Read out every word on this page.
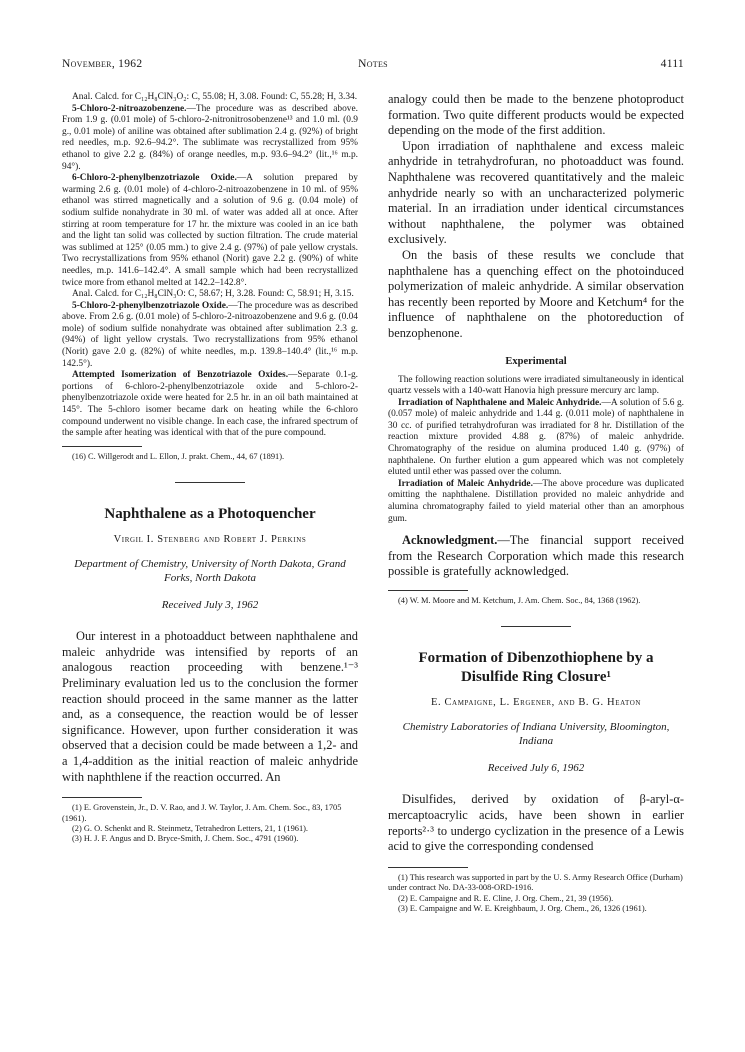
November, 1962	Notes	4111

Anal. Calcd. for C₁₂H₈ClN₃O₂: C, 55.08; H, 3.08. Found: C, 55.28; H, 3.34.

5-Chloro-2-nitroazobenzene.—The procedure was as described above. From 1.9 g. (0.01 mole) of 5-chloro-2-nitronitrosobenzene¹³ and 1.0 ml. (0.9 g., 0.01 mole) of aniline was obtained after sublimation 2.4 g. (92%) of bright red needles, m.p. 92.6–94.2°. The sublimate was recrystallized from 95% ethanol to give 2.2 g. (84%) of orange needles, m.p. 93.6–94.2° (lit.,¹⁶ m.p. 94°).

6-Chloro-2-phenylbenzotriazole Oxide.—A solution prepared by warming 2.6 g. (0.01 mole) of 4-chloro-2-nitroazobenzene in 10 ml. of 95% ethanol was stirred magnetically and a solution of 9.6 g. (0.04 mole) of sodium sulfide nonahydrate in 30 ml. of water was added all at once. After stirring at room temperature for 17 hr. the mixture was cooled in an ice bath and the light tan solid was collected by suction filtration. The crude material was sublimed at 125° (0.05 mm.) to give 2.4 g. (97%) of pale yellow crystals. Two recrystallizations from 95% ethanol (Norit) gave 2.2 g. (90%) of white needles, m.p. 141.6–142.4°. A small sample which had been recrystallized twice more from ethanol melted at 142.2–142.8°.

Anal. Calcd. for C₁₂H₈ClN₃O: C, 58.67; H, 3.28. Found: C, 58.91; H, 3.15.

5-Chloro-2-phenylbenzotriazole Oxide.—The procedure was as described above. From 2.6 g. (0.01 mole) of 5-chloro-2-nitroazobenzene and 9.6 g. (0.04 mole) of sodium sulfide nonahydrate was obtained after sublimation 2.3 g. (94%) of light yellow crystals. Two recrystallizations from 95% ethanol (Norit) gave 2.0 g. (82%) of white needles, m.p. 139.8–140.4° (lit.,¹⁶ m.p. 142.5°).

Attempted Isomerization of Benzotriazole Oxides.—Separate 0.1-g. portions of 6-chloro-2-phenylbenzotriazole oxide and 5-chloro-2-phenylbenzotriazole oxide were heated for 2.5 hr. in an oil bath maintained at 145°. The 5-chloro isomer became dark on heating while the 6-chloro compound underwent no visible change. In each case, the infrared spectrum of the sample after heating was identical with that of the pure compound.

(16) C. Willgerodt and L. Ellon, J. prakt. Chem., 44, 67 (1891).

Naphthalene as a Photoquencher
Virgil I. Stenberg and Robert J. Perkins
Department of Chemistry, University of North Dakota, Grand Forks, North Dakota
Received July 3, 1962

Our interest in a photoadduct between naphthalene and maleic anhydride was intensified by reports of an analogous reaction proceeding with benzene.¹⁻³ Preliminary evaluation led us to the conclusion the former reaction should proceed in the same manner as the latter and, as a consequence, the reaction would be of lesser significance. However, upon further consideration it was observed that a decision could be made between a 1,2- and a 1,4-addition as the initial reaction of maleic anhydride with naphthlene if the reaction occurred. An

(1) E. Grovenstein, Jr., D. V. Rao, and J. W. Taylor, J. Am. Chem. Soc., 83, 1705 (1961).

(2) G. O. Schenkt and R. Steinmetz, Tetrahedron Letters, 21, 1 (1961).

(3) H. J. F. Angus and D. Bryce-Smith, J. Chem. Soc., 4791 (1960).

analogy could then be made to the benzene photoproduct formation. Two quite different products would be expected depending on the mode of the first addition.

Upon irradiation of naphthalene and excess maleic anhydride in tetrahydrofuran, no photoadduct was found. Naphthalene was recovered quantitatively and the maleic anhydride nearly so with an uncharacterized polymeric material. In an irradiation under identical circumstances without naphthalene, the polymer was obtained exclusively.

On the basis of these results we conclude that naphthalene has a quenching effect on the photoinduced polymerization of maleic anhydride. A similar observation has recently been reported by Moore and Ketchum⁴ for the influence of naphthalene on the photoreduction of benzophenone.

Experimental

The following reaction solutions were irradiated simultaneously in identical quartz vessels with a 140-watt Hanovia high pressure mercury arc lamp.

Irradiation of Naphthalene and Maleic Anhydride.—A solution of 5.6 g. (0.057 mole) of maleic anhydride and 1.44 g. (0.011 mole) of naphthalene in 30 cc. of purified tetrahydrofuran was irradiated for 8 hr. Distillation of the reaction mixture provided 4.88 g. (87%) of maleic anhydride. Chromatography of the residue on alumina produced 1.40 g. (97%) of naphthalene. On further elution a gum appeared which was not completely eluted until ether was passed over the column.

Irradiation of Maleic Anhydride.—The above procedure was duplicated omitting the naphthalene. Distillation provided no maleic anhydride and alumina chromatography failed to yield material other than an amorphous gum.

Acknowledgment.—The financial support received from the Research Corporation which made this research possible is gratefully acknowledged.

(4) W. M. Moore and M. Ketchum, J. Am. Chem. Soc., 84, 1368 (1962).

Formation of Dibenzothiophene by a Disulfide Ring Closure¹
E. Campaigne, L. Ergener, and B. G. Heaton
Chemistry Laboratories of Indiana University, Bloomington, Indiana
Received July 6, 1962

Disulfides, derived by oxidation of β-aryl-α-mercaptoacrylic acids, have been shown in earlier reports²·³ to undergo cyclization in the presence of a Lewis acid to give the corresponding condensed

(1) This research was supported in part by the U. S. Army Research Office (Durham) under contract No. DA-33-008-ORD-1916.

(2) E. Campaigne and R. E. Cline, J. Org. Chem., 21, 39 (1956).

(3) E. Campaigne and W. E. Kreighbaum, J. Org. Chem., 26, 1326 (1961).
